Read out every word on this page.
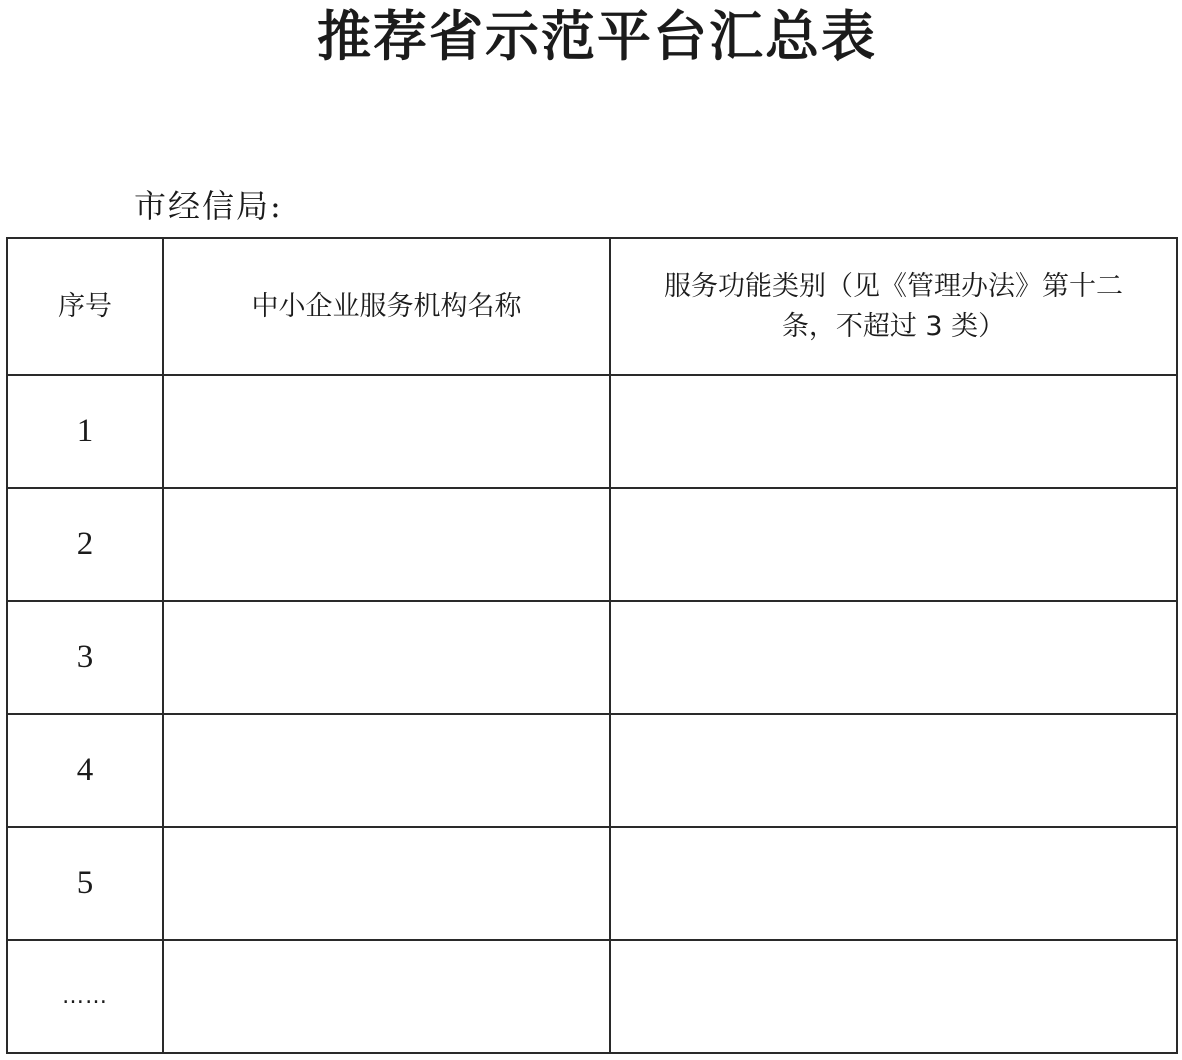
推荐省示范平台汇总表
市经信局:
序号	中小企业服务机构名称	服务功能类别（见《管理办法》第十二条，不超过 3 类）
1		
2		
3		
4		
5		
……		
